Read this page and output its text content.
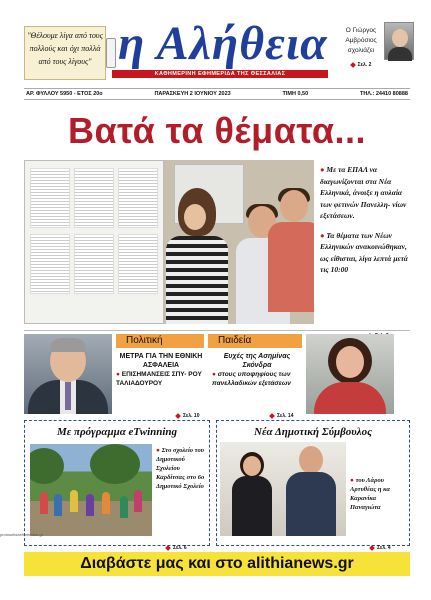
"Θέλουμε λίγα από τους πολλούς και όχι πολλά από τους λίγους" η Αλήθεια
ΚΑΘΗΜΕΡΙΝΗ ΕΦΗΜΕΡΙΔΑ ΤΗΣ ΘΕΣΣΑΛΙΑΣ
Ο Γιώργος Αμβρόσιος σχολιάζει
Σελ. 2
ΑΡ. ΦΥΛΛΟΥ 5950 - ΕΤΟΣ 20ο	ΠΑΡΑΣΚΕΥΗ 2 ΙΟΥΝΙΟΥ 2023	ΤΙΜΗ 0,50	ΤΗΛ.: 24410 80888
Βατά τα θέματα...

● Με τα ΕΠΑΛ να διαγωνίζονται στα Νέα Ελληνικά, άνοιξε η αυλαία των φετινών Πανελλη- νίων εξετάσεων.

● Τα θέματα των Νέων Ελληνικών ανακοινώθηκαν, ως είθισται, λίγα λεπτά μετά τις 10:00

Πολιτική
ΜΕΤΡΑ ΓΙΑ ΤΗΝ ΕΘΝΙΚΗ ΑΣΦΑΛΕΙΑ
● ΕΠΙΣΗΜΑΝΣΕΙΣ ΣΠΥ- ΡΟΥ ΤΑΛΙΑΔΟΥΡΟΥ
Σελ. 10
Παιδεία
Ευχές της Ασημίνας Σκόνδρα
● στους υποψηφίους των πανελλαδικών εξετάσεων
Σελ. 14
Με πρόγραμμα eTwinning
● Στο σχολείο του Δημοτικού Σχολείου Καρδίτσας στο 6ο Δημοτικό Σχολείο
Σελ. 6
Νέα Δημοτική Σύμβουλος
● του Λάρου Αρτυθέας η κα Καρανίκα Παναγιώτα
Σελ. 4
protoselidaefimeridon.gr
Διαβάστε μας και στο alithianews.gr
